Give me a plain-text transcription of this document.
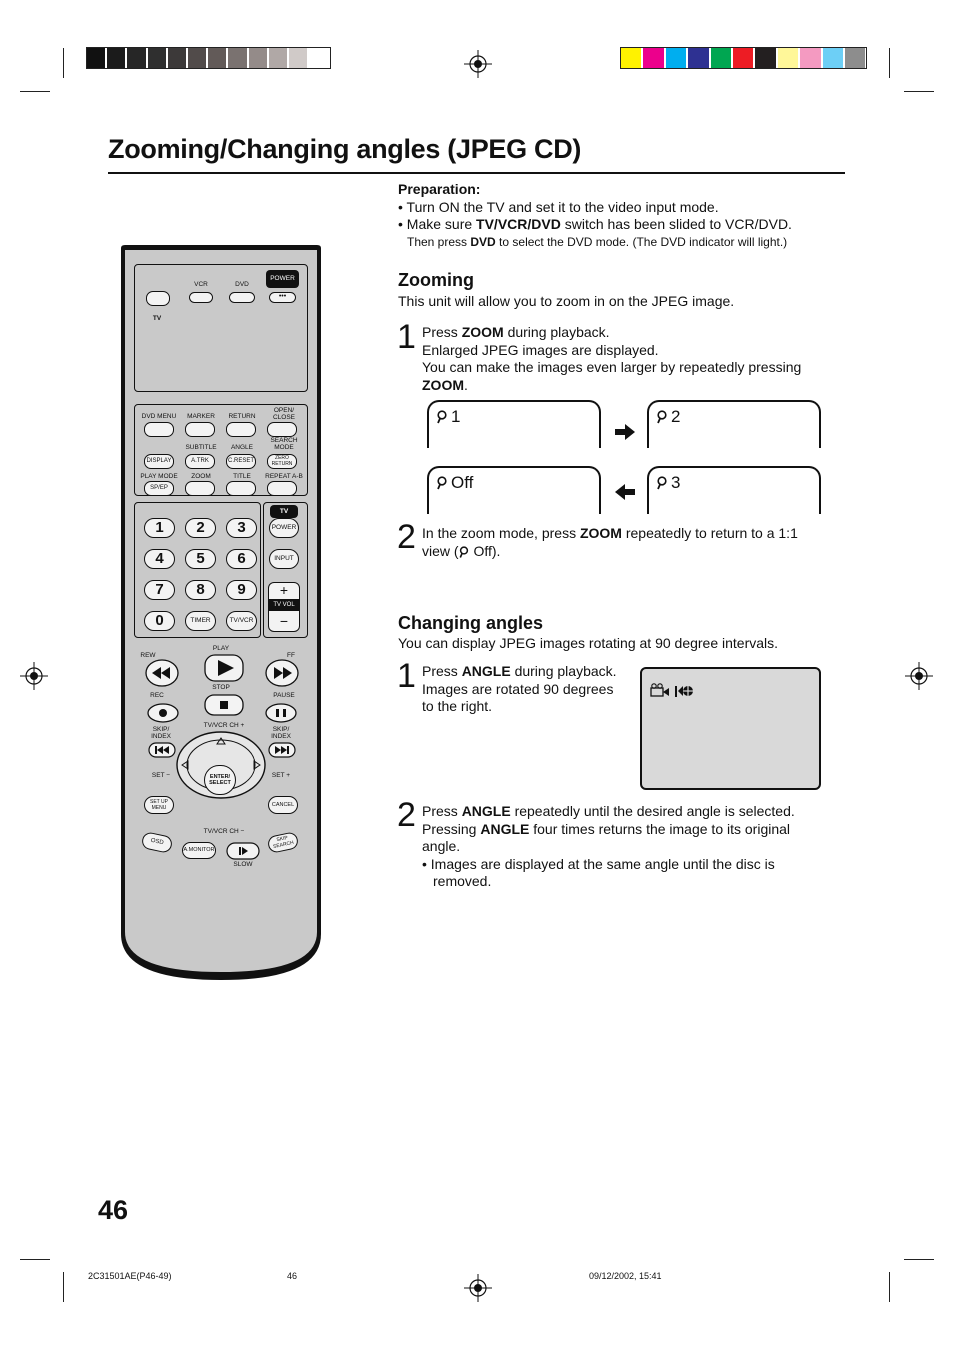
Zooming/Changing angles (JPEG CD)
Preparation:
• Turn ON the TV and set it to the video input mode.
• Make sure TV/VCR/DVD switch has been slided to VCR/DVD.
Then press DVD to select the DVD mode. (The DVD indicator will light.)
Zooming
This unit will allow you to zoom in on the JPEG image.
1 Press ZOOM during playback.
Enlarged JPEG images are displayed.
You can make the images even larger by repeatedly pressing
ZOOM.
1	2
Off	3
2 In the zoom mode, press ZOOM repeatedly to return to a 1:1
view ( Off).
Changing angles
You can display JPEG images rotating at 90 degree intervals.
1 Press ANGLE during playback.
Images are rotated 90 degrees
to the right.
2 Press ANGLE repeatedly until the desired angle is selected.
Pressing ANGLE four times returns the image to its original
angle.
• Images are displayed at the same angle until the disc is
removed.
VCR	DVD
POWER
•••
TV
DVD MENU	MARKER	RETURN
OPEN/ CLOSE
SUBTITLE	ANGLE
SEARCH MODE
DISPLAY	A.TRK	C.RESET	ZERO RETURN
PLAY MODE	ZOOM	TITLE	REPEAT A-B
SP/EP
1	2	3
4	5	6
7	8	9
0	TIMER	TV/VCR
TV
POWER
INPUT
+
TV VOL
−
REW
PLAY
FF
REC
STOP
PAUSE
TV/VCR CH +
SKIP/ INDEX
SKIP/ INDEX
ENTER/ SELECT
SET −	SET +
SET UP MENU	CANCEL
TV/VCR CH −
OSD
A.MONITOR
SKIP SEARCH
SLOW
46
2C31501AE(P46-49)	46	09/12/2002, 15:41
